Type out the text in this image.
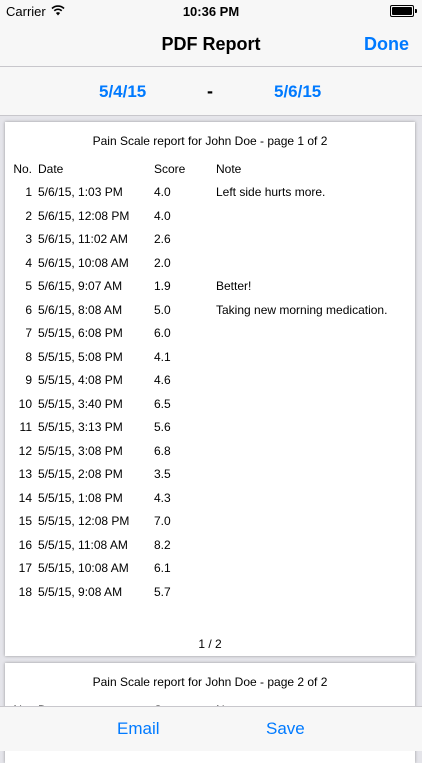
Carrier	10:36 PM
PDF Report	Done
5/4/15	-	5/6/15
Pain Scale report for John Doe - page 1 of 2
No. Date	Score	Note
1 5/6/15, 1:03 PM	4.0	Left side hurts more.
2 5/6/15, 12:08 PM 4.0
3 5/6/15, 11:02 AM 2.6
4 5/6/15, 10:08 AM 2.0
5 5/6/15, 9:07 AM	1.9	Better!
6 5/6/15, 8:08 AM	5.0	Taking new morning medication.
7 5/5/15, 6:08 PM	6.0
8 5/5/15, 5:08 PM	4.1
9 5/5/15, 4:08 PM	4.6
10 5/5/15, 3:40 PM	6.5
11 5/5/15, 3:13 PM	5.6
12 5/5/15, 3:08 PM	6.8
13 5/5/15, 2:08 PM	3.5
14 5/5/15, 1:08 PM	4.3
15 5/5/15, 12:08 PM 7.0
16 5/5/15, 11:08 AM 8.2
17 5/5/15, 10:08 AM 6.1
18 5/5/15, 9:08 AM	5.7
1 / 2
Pain Scale report for John Doe - page 2 of 2
Email	Save
